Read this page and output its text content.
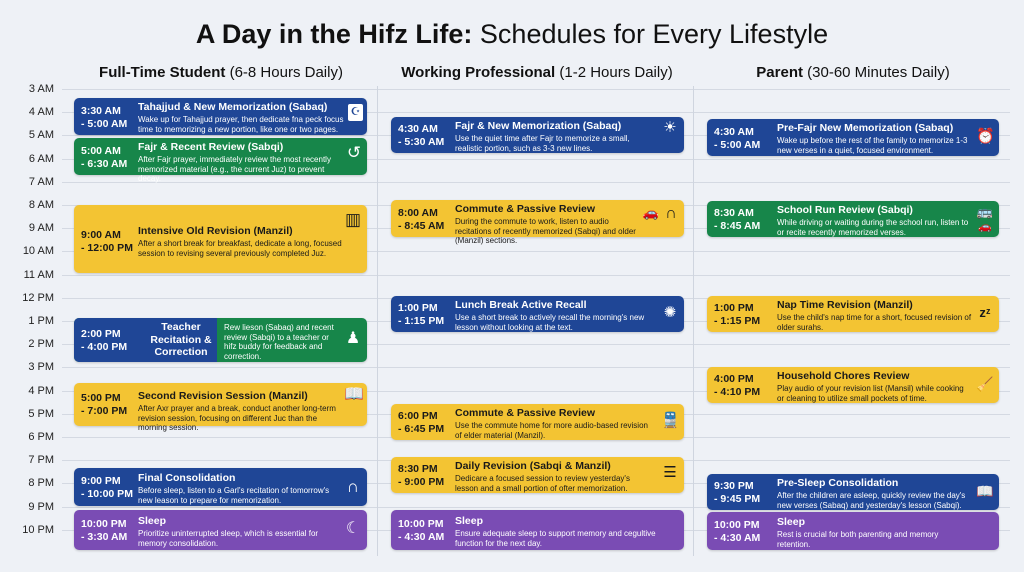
A Day in the Hifz Life: Schedules for Every Lifestyle
Full-Time Student (6-8 Hours Daily)	Working Professional (1-2 Hours Daily)	Parent (30-60 Minutes Daily)
3 AM
4 AM
5 AM
6 AM
7 AM
8 AM
9 AM
10 AM
11 AM
12 PM
1 PM
2 PM
3 PM
4 PM
5 PM
6 PM
7 PM
8 PM
9 PM
10 PM
3:30 AM
- 5:00 AM
Tahajjud & New Memorization (Sabaq)
Wake up for Tahajjud prayer, then dedicate fna peck focus time to memorizing a new portion, like one or two pages.
☪
5:00 AM
- 6:30 AM
Fajr & Recent Review (Sabqi)
After Fajr prayer, immediately review the most recently memorized material (e.g., the current Juz) to prevent decay.
↺
9:00 AM
- 12:00 PM
Intensive Old Revision (Manzil)
After a short break for breakfast, dedicate a long, focused session to revising several previously completed Juz.
▥
2:00 PM
- 4:00 PM
Teacher Recitation & Correction
Rew lieson (Sabaq) and recent review (Sabqi) to a teacher or hifz buddy for feedback and correction.
♟
5:00 PM
- 7:00 PM
Second Revision Session (Manzil)
After Axr prayer and a break, conduct another long-term revision session, focusing on different Juc than the morning session.
📖
9:00 PM
- 10:00 PM
Final Consolidation
Before sleep, listen to a Garl's recitation of tomorrow's new leason to prepare for memorization.
∩
10:00 PM
- 3:30 AM
Sleep
Prioritize uninterrupted sleep, which is essential for memory consolidation.
☾
4:30 AM
- 5:30 AM
Fajr & New Memorization (Sabaq)
Use the quiet time after Fajr to memorize a small, realistic portion, such as 3-3 new lines.
☀
8:00 AM
- 8:45 AM
Commute & Passive Review
During the commute to work, listen to audio recitations of recently memorized (Sabqi) and older (Manzil) sections.
🚗 ∩
1:00 PM
- 1:15 PM
Lunch Break Active Recall
Use a short break to actively recall the morning's new lesson without looking at the text.
✺
6:00 PM
- 6:45 PM
Commute & Passive Review
Use the commute home for more audio-based revision of elder material (Manzil).
🚆
8:30 PM
- 9:00 PM
Daily Revision (Sabqi & Manzil)
Dedicare a focused session to review yesterday's lesson and a small portion of ofter memorization.
☰
10:00 PM
- 4:30 AM
Sleep
Ensure adequate sleep to support memory and cegultive function for the next day.
4:30 AM
- 5:00 AM
Pre-Fajr New Memorization (Sabaq)
Wake up before the rest of the family to memorize 1-3 new verses in a quiet, focused environment.
⏰
8:30 AM
- 8:45 AM
School Run Review (Sabqi)
While driving or waiting during the school run, listen to or recite recently memorized verses.
🚌
🚗
1:00 PM
- 1:15 PM
Nap Time Revision (Manzil)
Use the child's nap time for a short, focused revision of older surahs.
zᶻ
4:00 PM
- 4:10 PM
Household Chores Review
Play audio of your revision list (Mansil) while cooking or cleaning to utilize small pockets of time.
🧹
9:30 PM
- 9:45 PM
Pre-Sleep Consolidation
After the children are asleep, quickly review the day's new verses (Sabaq) and yesterday's lesson (Sabqi).
📖
10:00 PM
- 4:30 AM
Sleep
Rest is crucial for both parenting and memory retention.
